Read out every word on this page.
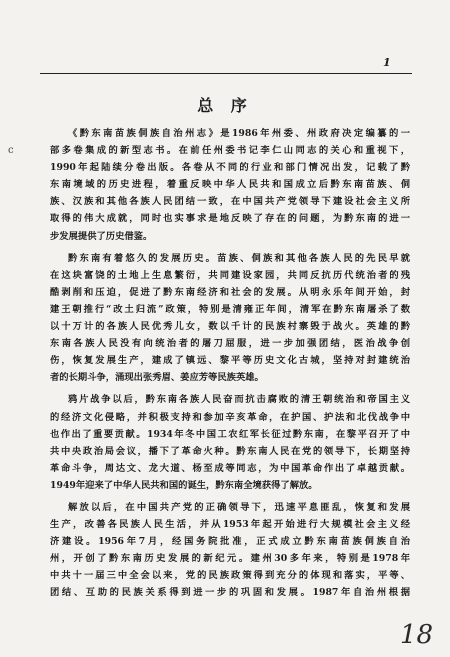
1
c
总 序
《黔东南苗族侗族自治州志》是1986年州委、州政府决定编纂的一
部多卷集成的新型志书。在前任州委书记李仁山同志的关心和重视下，
1990年起陆续分卷出版。各卷从不同的行业和部门情况出发，记载了黔
东南境域的历史进程，着重反映中华人民共和国成立后黔东南苗族、侗
族、汉族和其他各族人民团结一致，在中国共产党领导下建设社会主义所
取得的伟大成就，同时也实事求是地反映了存在的问题，为黔东南的进一
步发展提供了历史借鉴。
黔东南有着悠久的发展历史。苗族、侗族和其他各族人民的先民早就
在这块富饶的土地上生息繁衍，共同建设家园，共同反抗历代统治者的残
酷剥削和压迫，促进了黔东南经济和社会的发展。从明永乐年间开始，封
建王朝推行“改土归流”政策，特别是清雍正年间，清军在黔东南屠杀了数
以十万计的各族人民优秀儿女，数以千计的民族村寨毁于战火。英雄的黔
东南各族人民没有向统治者的屠刀屈服，进一步加强团结，医治战争创
伤，恢复发展生产，建成了镇远、黎平等历史文化古城，坚持对封建统治
者的长期斗争，涌现出张秀眉、姜应芳等民族英雄。
鸦片战争以后，黔东南各族人民奋而抗击腐败的清王朝统治和帝国主义
的经济文化侵略，并积极支持和参加辛亥革命，在护国、护法和北伐战争中
也作出了重要贡献。1934年冬中国工农红军长征过黔东南，在黎平召开了中
共中央政治局会议，播下了革命火种。黔东南人民在党的领导下，长期坚持
革命斗争，周达文、龙大道、杨至成等同志，为中国革命作出了卓越贡献。
1949年迎来了中华人民共和国的诞生，黔东南全境获得了解放。
解放以后，在中国共产党的正确领导下，迅速平息匪乱，恢复和发展
生产，改善各民族人民生活，并从1953年起开始进行大规模社会主义经
济建设。1956年7月，经国务院批准，正式成立黔东南苗族侗族自治
州，开创了黔东南历史发展的新纪元。建州30多年来，特别是1978年
中共十一届三中全会以来，党的民族政策得到充分的体现和落实，平等、
团结、互助的民族关系得到进一步的巩固和发展。1987年自治州根据
18
